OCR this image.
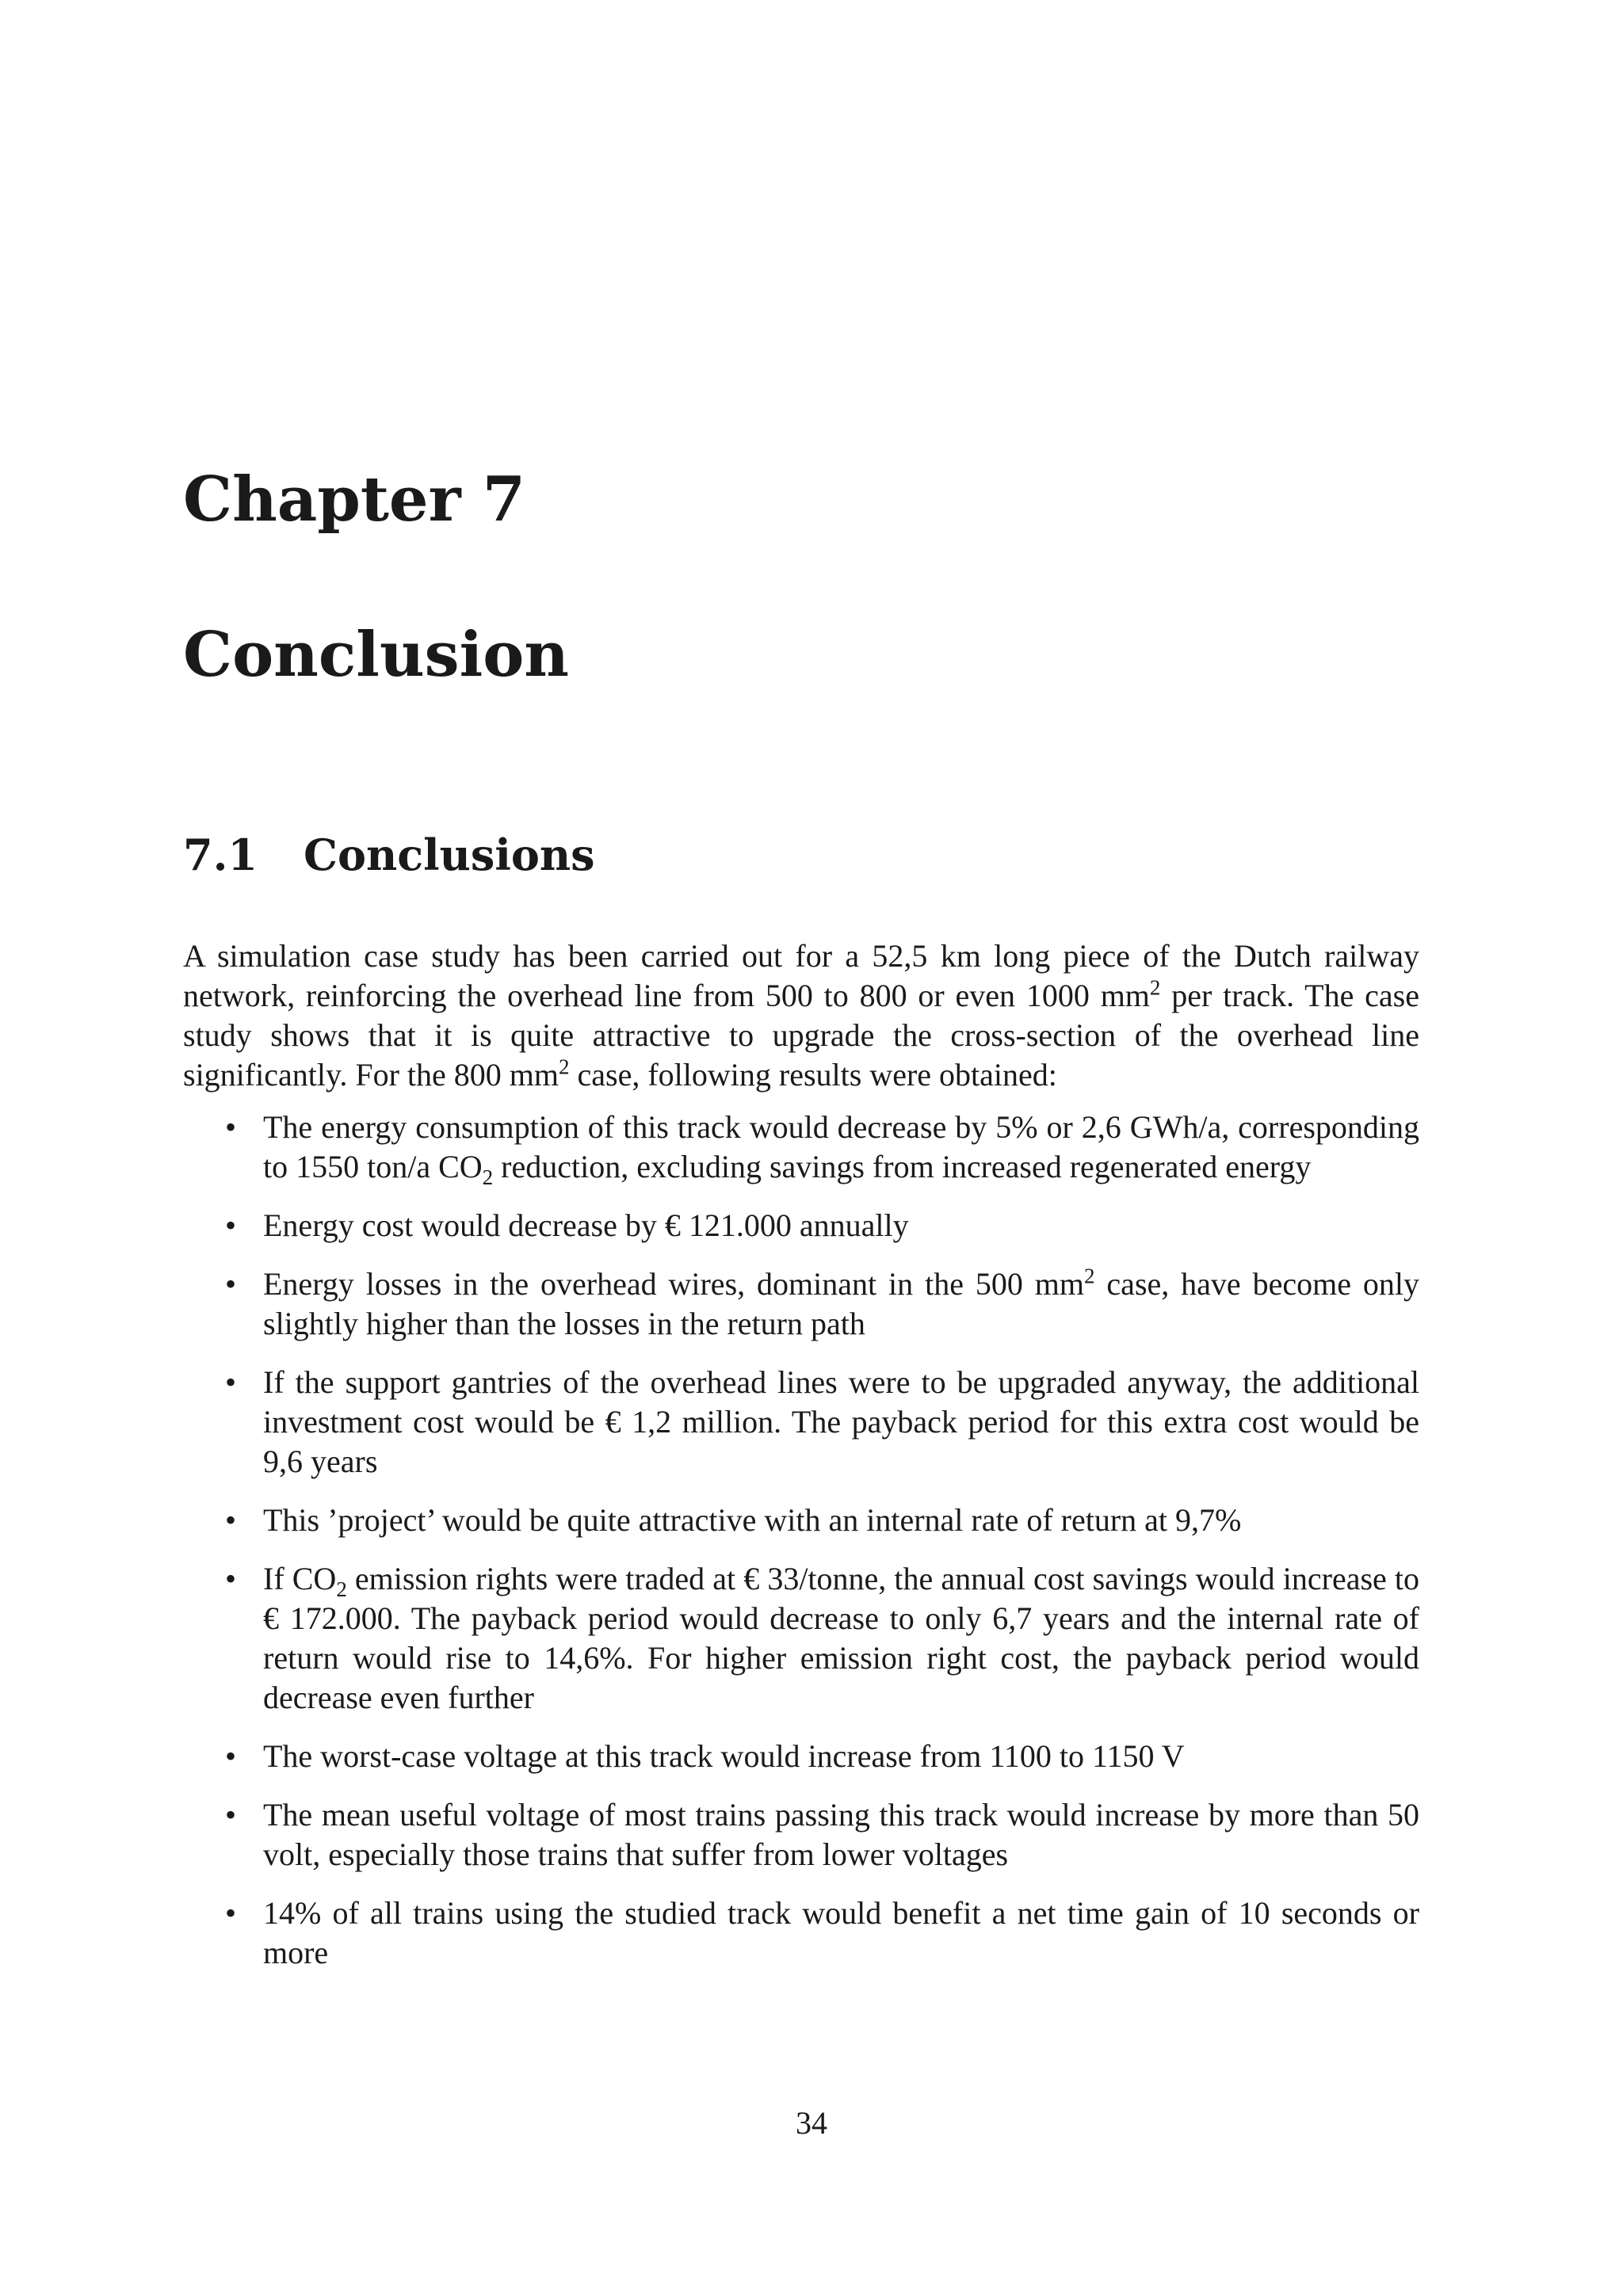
Chapter 7
Conclusion
7.1 Conclusions

A simulation case study has been carried out for a 52,5 km long piece of the Dutch railway network, reinforcing the overhead line from 500 to 800 or even 1000 $mm^2$ per track. The case study shows that it is quite attractive to upgrade the cross-section of the overhead line significantly. For the 800 $mm^2$ case, following results were obtained:

• The energy consumption of this track would decrease by 5% or 2,6 GWh/a, corresponding to 1550 ton/a $CO_2$ reduction, excluding savings from increased regenerated energy
• Energy cost would decrease by € 121.000 annually
• Energy losses in the overhead wires, dominant in the 500 $mm^2$ case, have become only slightly higher than the losses in the return path
• If the support gantries of the overhead lines were to be upgraded anyway, the additional investment cost would be € 1,2 million. The payback period for this extra cost would be 9,6 years
• This ’project’ would be quite attractive with an internal rate of return at 9,7%
• If $CO_2$ emission rights were traded at € 33/tonne, the annual cost savings would increase to € 172.000. The payback period would decrease to only 6,7 years and the internal rate of return would rise to 14,6%. For higher emission right cost, the payback period would decrease even further
• The worst-case voltage at this track would increase from 1100 to 1150 V
• The mean useful voltage of most trains passing this track would increase by more than 50 volt, especially those trains that suffer from lower voltages
• 14% of all trains using the studied track would benefit a net time gain of 10 seconds or more
34
